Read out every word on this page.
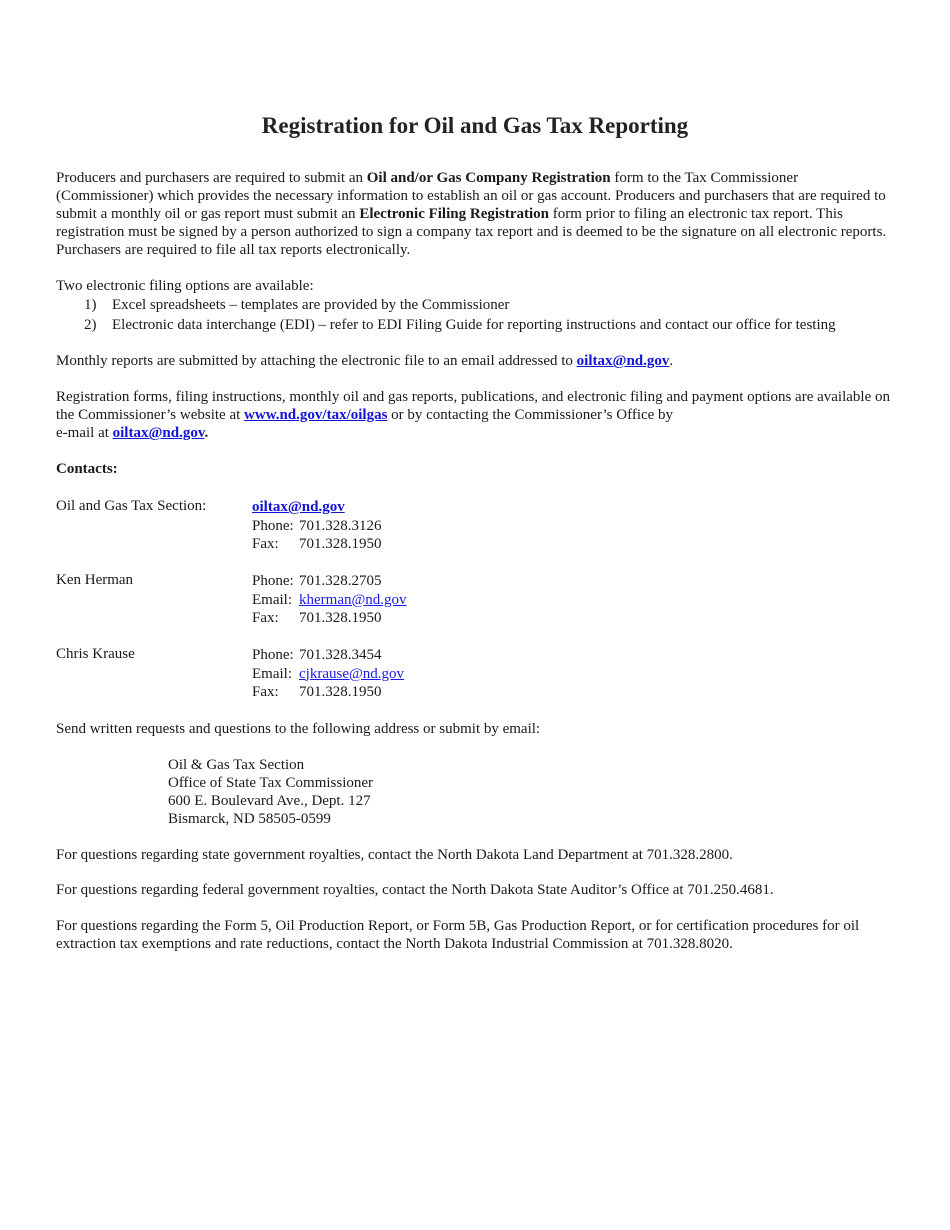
Registration for Oil and Gas Tax Reporting

Producers and purchasers are required to submit an Oil and/or Gas Company Registration form to the Tax Commissioner (Commissioner) which provides the necessary information to establish an oil or gas account. Producers and purchasers that are required to submit a monthly oil or gas report must submit an Electronic Filing Registration form prior to filing an electronic tax report. This registration must be signed by a person authorized to sign a company tax report and is deemed to be the signature on all electronic reports. Purchasers are required to file all tax reports electronically.

Two electronic filing options are available:

1) Excel spreadsheets – templates are provided by the Commissioner
2) Electronic data interchange (EDI) – refer to EDI Filing Guide for reporting instructions and contact our office for testing

Monthly reports are submitted by attaching the electronic file to an email addressed to oiltax@nd.gov.

Registration forms, filing instructions, monthly oil and gas reports, publications, and electronic filing and payment options are available on the Commissioner’s website at www.nd.gov/tax/oilgas or by contacting the Commissioner’s Office by
e-mail at oiltax@nd.gov.

Contacts:

Oil and Gas Tax Section:	oiltax@nd.gov
Phone: 701.328.3126
Fax: 701.328.1950
Ken Herman	Phone: 701.328.2705
Email: kherman@nd.gov
Fax: 701.328.1950
Chris Krause	Phone: 701.328.3454
Email: cjkrause@nd.gov
Fax: 701.328.1950

Send written requests and questions to the following address or submit by email:

Oil & Gas Tax Section
Office of State Tax Commissioner
600 E. Boulevard Ave., Dept. 127
Bismarck, ND 58505-0599

For questions regarding state government royalties, contact the North Dakota Land Department at 701.328.2800.

For questions regarding federal government royalties, contact the North Dakota State Auditor’s Office at 701.250.4681.

For questions regarding the Form 5, Oil Production Report, or Form 5B, Gas Production Report, or for certification procedures for oil extraction tax exemptions and rate reductions, contact the North Dakota Industrial Commission at 701.328.8020.
